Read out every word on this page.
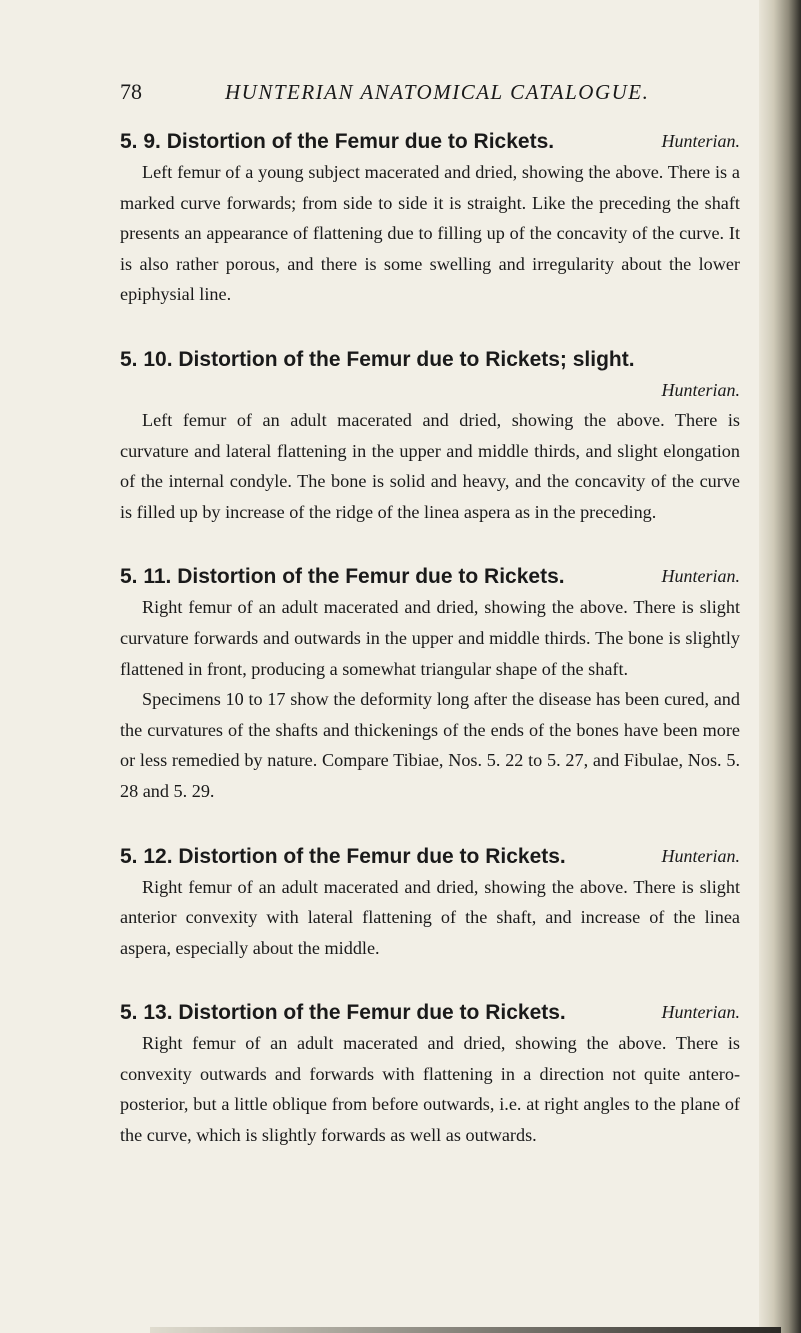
78	HUNTERIAN ANATOMICAL CATALOGUE.
5. 9. Distortion of the Femur due to Rickets.	Hunterian.

Left femur of a young subject macerated and dried, showing the above. There is a marked curve forwards; from side to side it is straight. Like the preceding the shaft presents an appearance of flattening due to filling up of the concavity of the curve. It is also rather porous, and there is some swelling and irregularity about the lower epiphysial line.

5. 10. Distortion of the Femur due to Rickets; slight.
Hunterian.

Left femur of an adult macerated and dried, showing the above. There is curvature and lateral flattening in the upper and middle thirds, and slight elongation of the internal condyle. The bone is solid and heavy, and the concavity of the curve is filled up by increase of the ridge of the linea aspera as in the preceding.

5. 11. Distortion of the Femur due to Rickets.	Hunterian.

Right femur of an adult macerated and dried, showing the above. There is slight curvature forwards and outwards in the upper and middle thirds. The bone is slightly flattened in front, producing a somewhat triangular shape of the shaft.

Specimens 10 to 17 show the deformity long after the disease has been cured, and the curvatures of the shafts and thickenings of the ends of the bones have been more or less remedied by nature. Compare Tibiae, Nos. 5. 22 to 5. 27, and Fibulae, Nos. 5. 28 and 5. 29.

5. 12. Distortion of the Femur due to Rickets.	Hunterian.

Right femur of an adult macerated and dried, showing the above. There is slight anterior convexity with lateral flattening of the shaft, and increase of the linea aspera, especially about the middle.

5. 13. Distortion of the Femur due to Rickets.	Hunterian.

Right femur of an adult macerated and dried, showing the above. There is convexity outwards and forwards with flattening in a direction not quite antero-posterior, but a little oblique from before outwards, i.e. at right angles to the plane of the curve, which is slightly forwards as well as outwards.
